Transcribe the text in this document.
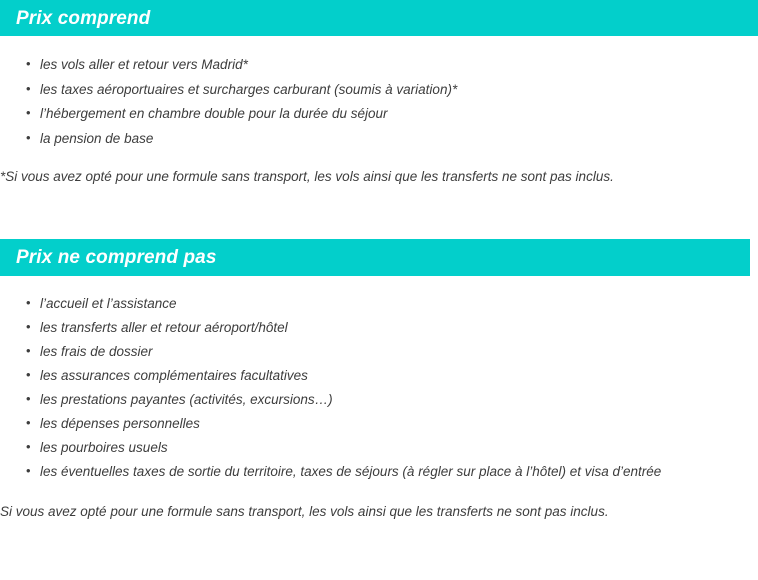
Prix comprend
• les vols aller et retour vers Madrid*
• les taxes aéroportuaires et surcharges carburant (soumis à variation)*
• l’hébergement en chambre double pour la durée du séjour
• la pension de base
*Si vous avez opté pour une formule sans transport, les vols ainsi que les transferts ne sont pas inclus.
Prix ne comprend pas
• l’accueil et l’assistance
• les transferts aller et retour aéroport/hôtel
• les frais de dossier
• les assurances complémentaires facultatives
• les prestations payantes (activités, excursions…)
• les dépenses personnelles
• les pourboires usuels
• les éventuelles taxes de sortie du territoire, taxes de séjours (à régler sur place à l’hôtel) et visa d’entrée
Si vous avez opté pour une formule sans transport, les vols ainsi que les transferts ne sont pas inclus.
